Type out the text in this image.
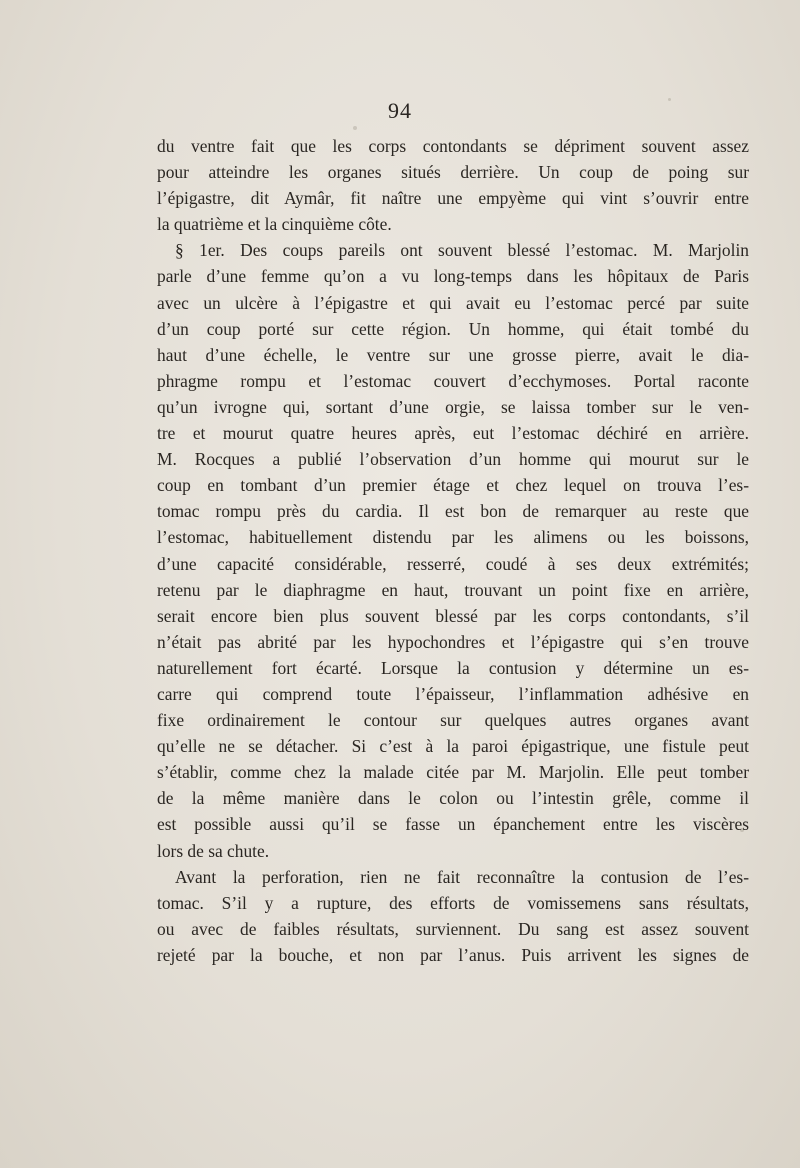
94
du ventre fait que les corps contondants se dépriment souvent assez
pour atteindre les organes situés derrière. Un coup de poing sur
l’épigastre, dit Aymâr, fit naître une empyème qui vint s’ouvrir entre
la quatrième et la cinquième côte.
§ 1er. Des coups pareils ont souvent blessé l’estomac. M. Marjolin
parle d’une femme qu’on a vu long-temps dans les hôpitaux de Paris
avec un ulcère à l’épigastre et qui avait eu l’estomac percé par suite
d’un coup porté sur cette région. Un homme, qui était tombé du
haut d’une échelle, le ventre sur une grosse pierre, avait le dia-
phragme rompu et l’estomac couvert d’ecchymoses. Portal raconte
qu’un ivrogne qui, sortant d’une orgie, se laissa tomber sur le ven-
tre et mourut quatre heures après, eut l’estomac déchiré en arrière.
M. Rocques a publié l’observation d’un homme qui mourut sur le
coup en tombant d’un premier étage et chez lequel on trouva l’es-
tomac rompu près du cardia. Il est bon de remarquer au reste que
l’estomac, habituellement distendu par les alimens ou les boissons,
d’une capacité considérable, resserré, coudé à ses deux extrémités;
retenu par le diaphragme en haut, trouvant un point fixe en arrière,
serait encore bien plus souvent blessé par les corps contondants, s’il
n’était pas abrité par les hypochondres et l’épigastre qui s’en trouve
naturellement fort écarté. Lorsque la contusion y détermine un es-
carre qui comprend toute l’épaisseur, l’inflammation adhésive en
fixe ordinairement le contour sur quelques autres organes avant
qu’elle ne se détacher. Si c’est à la paroi épigastrique, une fistule peut
s’établir, comme chez la malade citée par M. Marjolin. Elle peut tomber
de la même manière dans le colon ou l’intestin grêle, comme il
est possible aussi qu’il se fasse un épanchement entre les viscères
lors de sa chute.
Avant la perforation, rien ne fait reconnaître la contusion de l’es-
tomac. S’il y a rupture, des efforts de vomissemens sans résultats,
ou avec de faibles résultats, surviennent. Du sang est assez souvent
rejeté par la bouche, et non par l’anus. Puis arrivent les signes de
